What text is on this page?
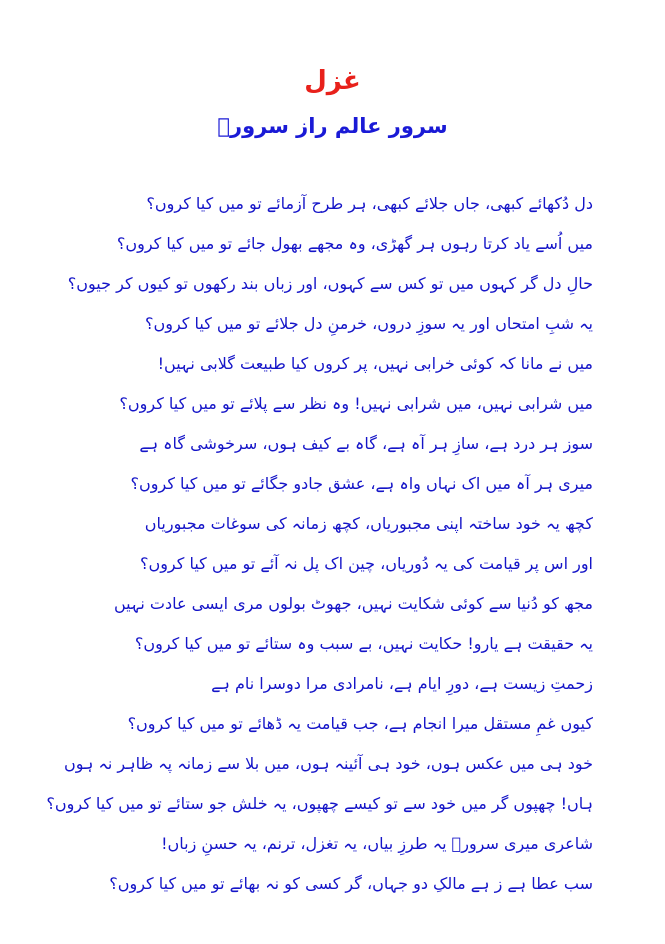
غزل
سرور عالم راز سرورؔ
دل دُکھائے کبھی، جاں جلائے کبھی، ہر طرح آزمائے تو میں کیا کروں؟
میں اُسے یاد کرتا رہوں ہر گھڑی، وہ مجھے بھول جائے تو میں کیا کروں؟
حالِ دل گر کہوں میں تو کس سے کہوں، اور زباں بند رکھوں تو کیوں کر جیوں؟
یہ شبِ امتحاں اور یہ سوزِ دروں، خرمنِ دل جلائے تو میں کیا کروں؟
میں نے مانا کہ کوئی خرابی نہیں، پر کروں کیا طبیعت گلابی نہیں!
میں شرابی نہیں، میں شرابی نہیں! وہ نظر سے پلائے تو میں کیا کروں؟
سوز ہر درد ہے، سازِ ہر آہ ہے، گاہ بے کیف ہوں، سرخوشی گاہ ہے
میری ہر آہ میں اک نہاں واہ ہے، عشق جادو جگائے تو میں کیا کروں؟
کچھ یہ خود ساختہ اپنی مجبوریاں، کچھ زمانہ کی سوغات مجبوریاں
اور اس پر قیامت کی یہ دُوریاں، چین اک پل نہ آئے تو میں کیا کروں؟
مجھ کو دُنیا سے کوئی شکایت نہیں، جھوٹ بولوں مری ایسی عادت نہیں
یہ حقیقت ہے یارو! حکایت نہیں، بے سبب وہ ستائے تو میں کیا کروں؟
زحمتِ زیست ہے، دورِ ایام ہے، نامرادی مرا دوسرا نام ہے
کیوں غمِ مستقل میرا انجام ہے، جب قیامت یہ ڈھائے تو میں کیا کروں؟
خود ہی میں عکس ہوں، خود ہی آئینہ ہوں، میں بلا سے زمانہ پہ ظاہر نہ ہوں
ہاں! چھپوں گر میں خود سے تو کیسے چھپوں، یہ خلش جو ستائے تو میں کیا کروں؟
شاعری میری سرورؔ یہ طرزِ بیاں، یہ تغزل، ترنم، یہ حسنِ زباں!
سب عطا ہے ز ہے مالکِ دو جہاں، گر کسی کو نہ بھائے تو میں کیا کروں؟
